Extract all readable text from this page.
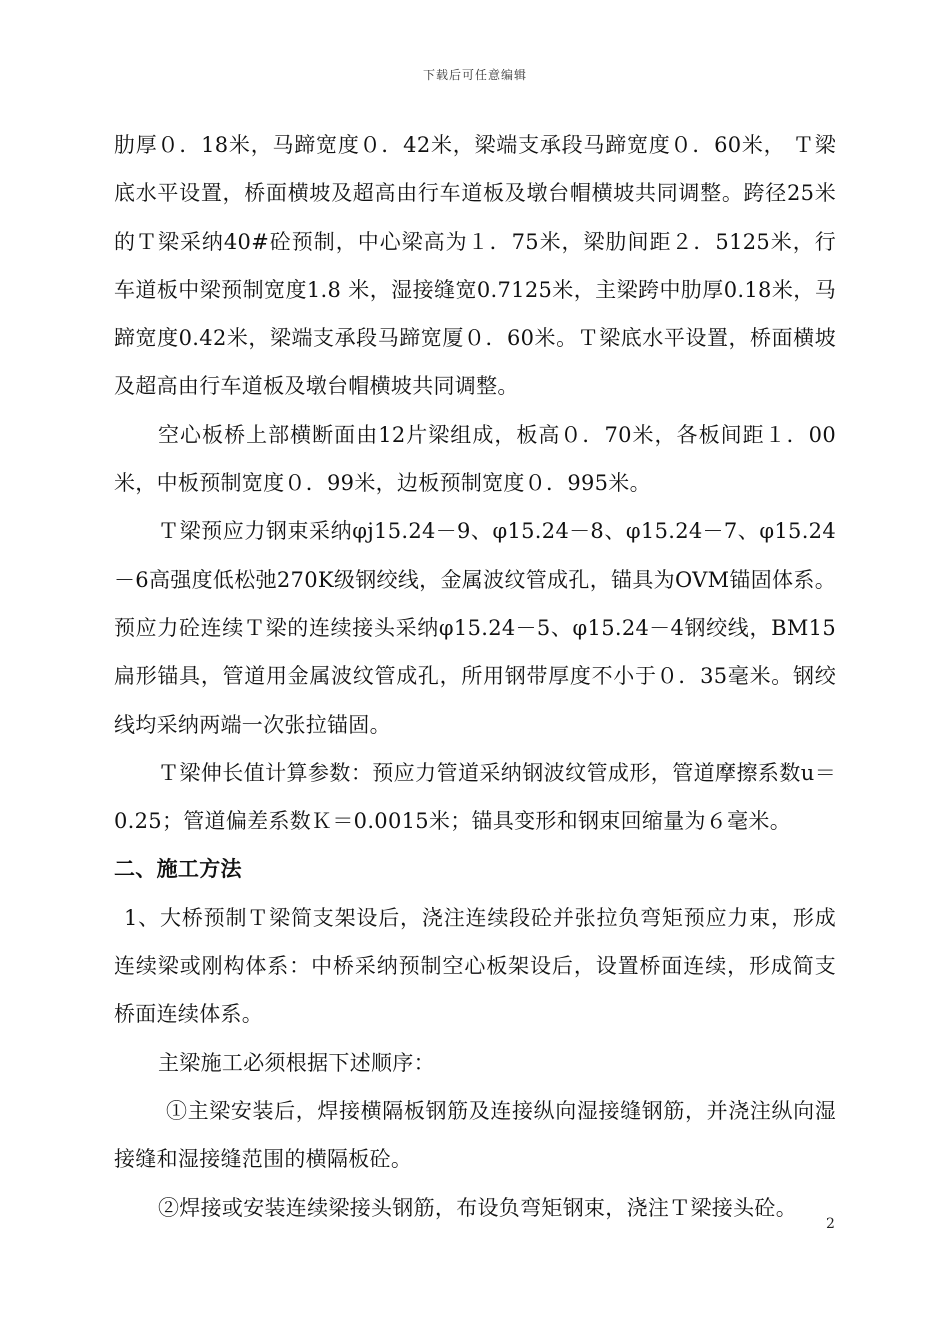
下载后可任意编辑

肋厚０．18米，马蹄宽度０．42米，梁端支承段马蹄宽度０．60米， Ｔ梁底水平设置，桥面横坡及超高由行车道板及墩台帽横坡共同调整。跨径25米的Ｔ梁采纳40#砼预制，中心梁高为１．75米，梁肋间距２．5125米，行车道板中梁预制宽度1.8 米，湿接缝宽0.7125米，主梁跨中肋厚0.18米，马蹄宽度0.42米，梁端支承段马蹄宽厦０．60米。Ｔ梁底水平设置，桥面横坡及超高由行车道板及墩台帽横坡共同调整。

空心板桥上部横断面由12片梁组成，板高０．70米，各板间距１．00米，中板预制宽度０．99米，边板预制宽度０．995米。

Ｔ梁预应力钢束采纳φj15.24－9、φ15.24－8、φ15.24－7、φ15.24－6高强度低松弛270K级钢绞线，金属波纹管成孔，锚具为OVM锚固体系。预应力砼连续Ｔ梁的连续接头采纳φ15.24－5、φ15.24－4钢绞线，BM15扁形锚具，管道用金属波纹管成孔，所用钢带厚度不小于０．35毫米。钢绞线均采纳两端一次张拉锚固。

Ｔ梁伸长值计算参数：预应力管道采纳钢波纹管成形，管道摩擦系数u＝0.25；管道偏差系数Ｋ＝0.0015米；锚具变形和钢束回缩量为６毫米。

二、施工方法

1、大桥预制Ｔ梁简支架设后，浇注连续段砼并张拉负弯矩预应力束，形成连续梁或刚构体系：中桥采纳预制空心板架设后，设置桥面连续，形成简支桥面连续体系。

主梁施工必须根据下述顺序：

①主梁安装后，焊接横隔板钢筋及连接纵向湿接缝钢筋，并浇注纵向湿接缝和湿接缝范围的横隔板砼。

②焊接或安装连续梁接头钢筋，布设负弯矩钢束，浇注Ｔ梁接头砼。

2
